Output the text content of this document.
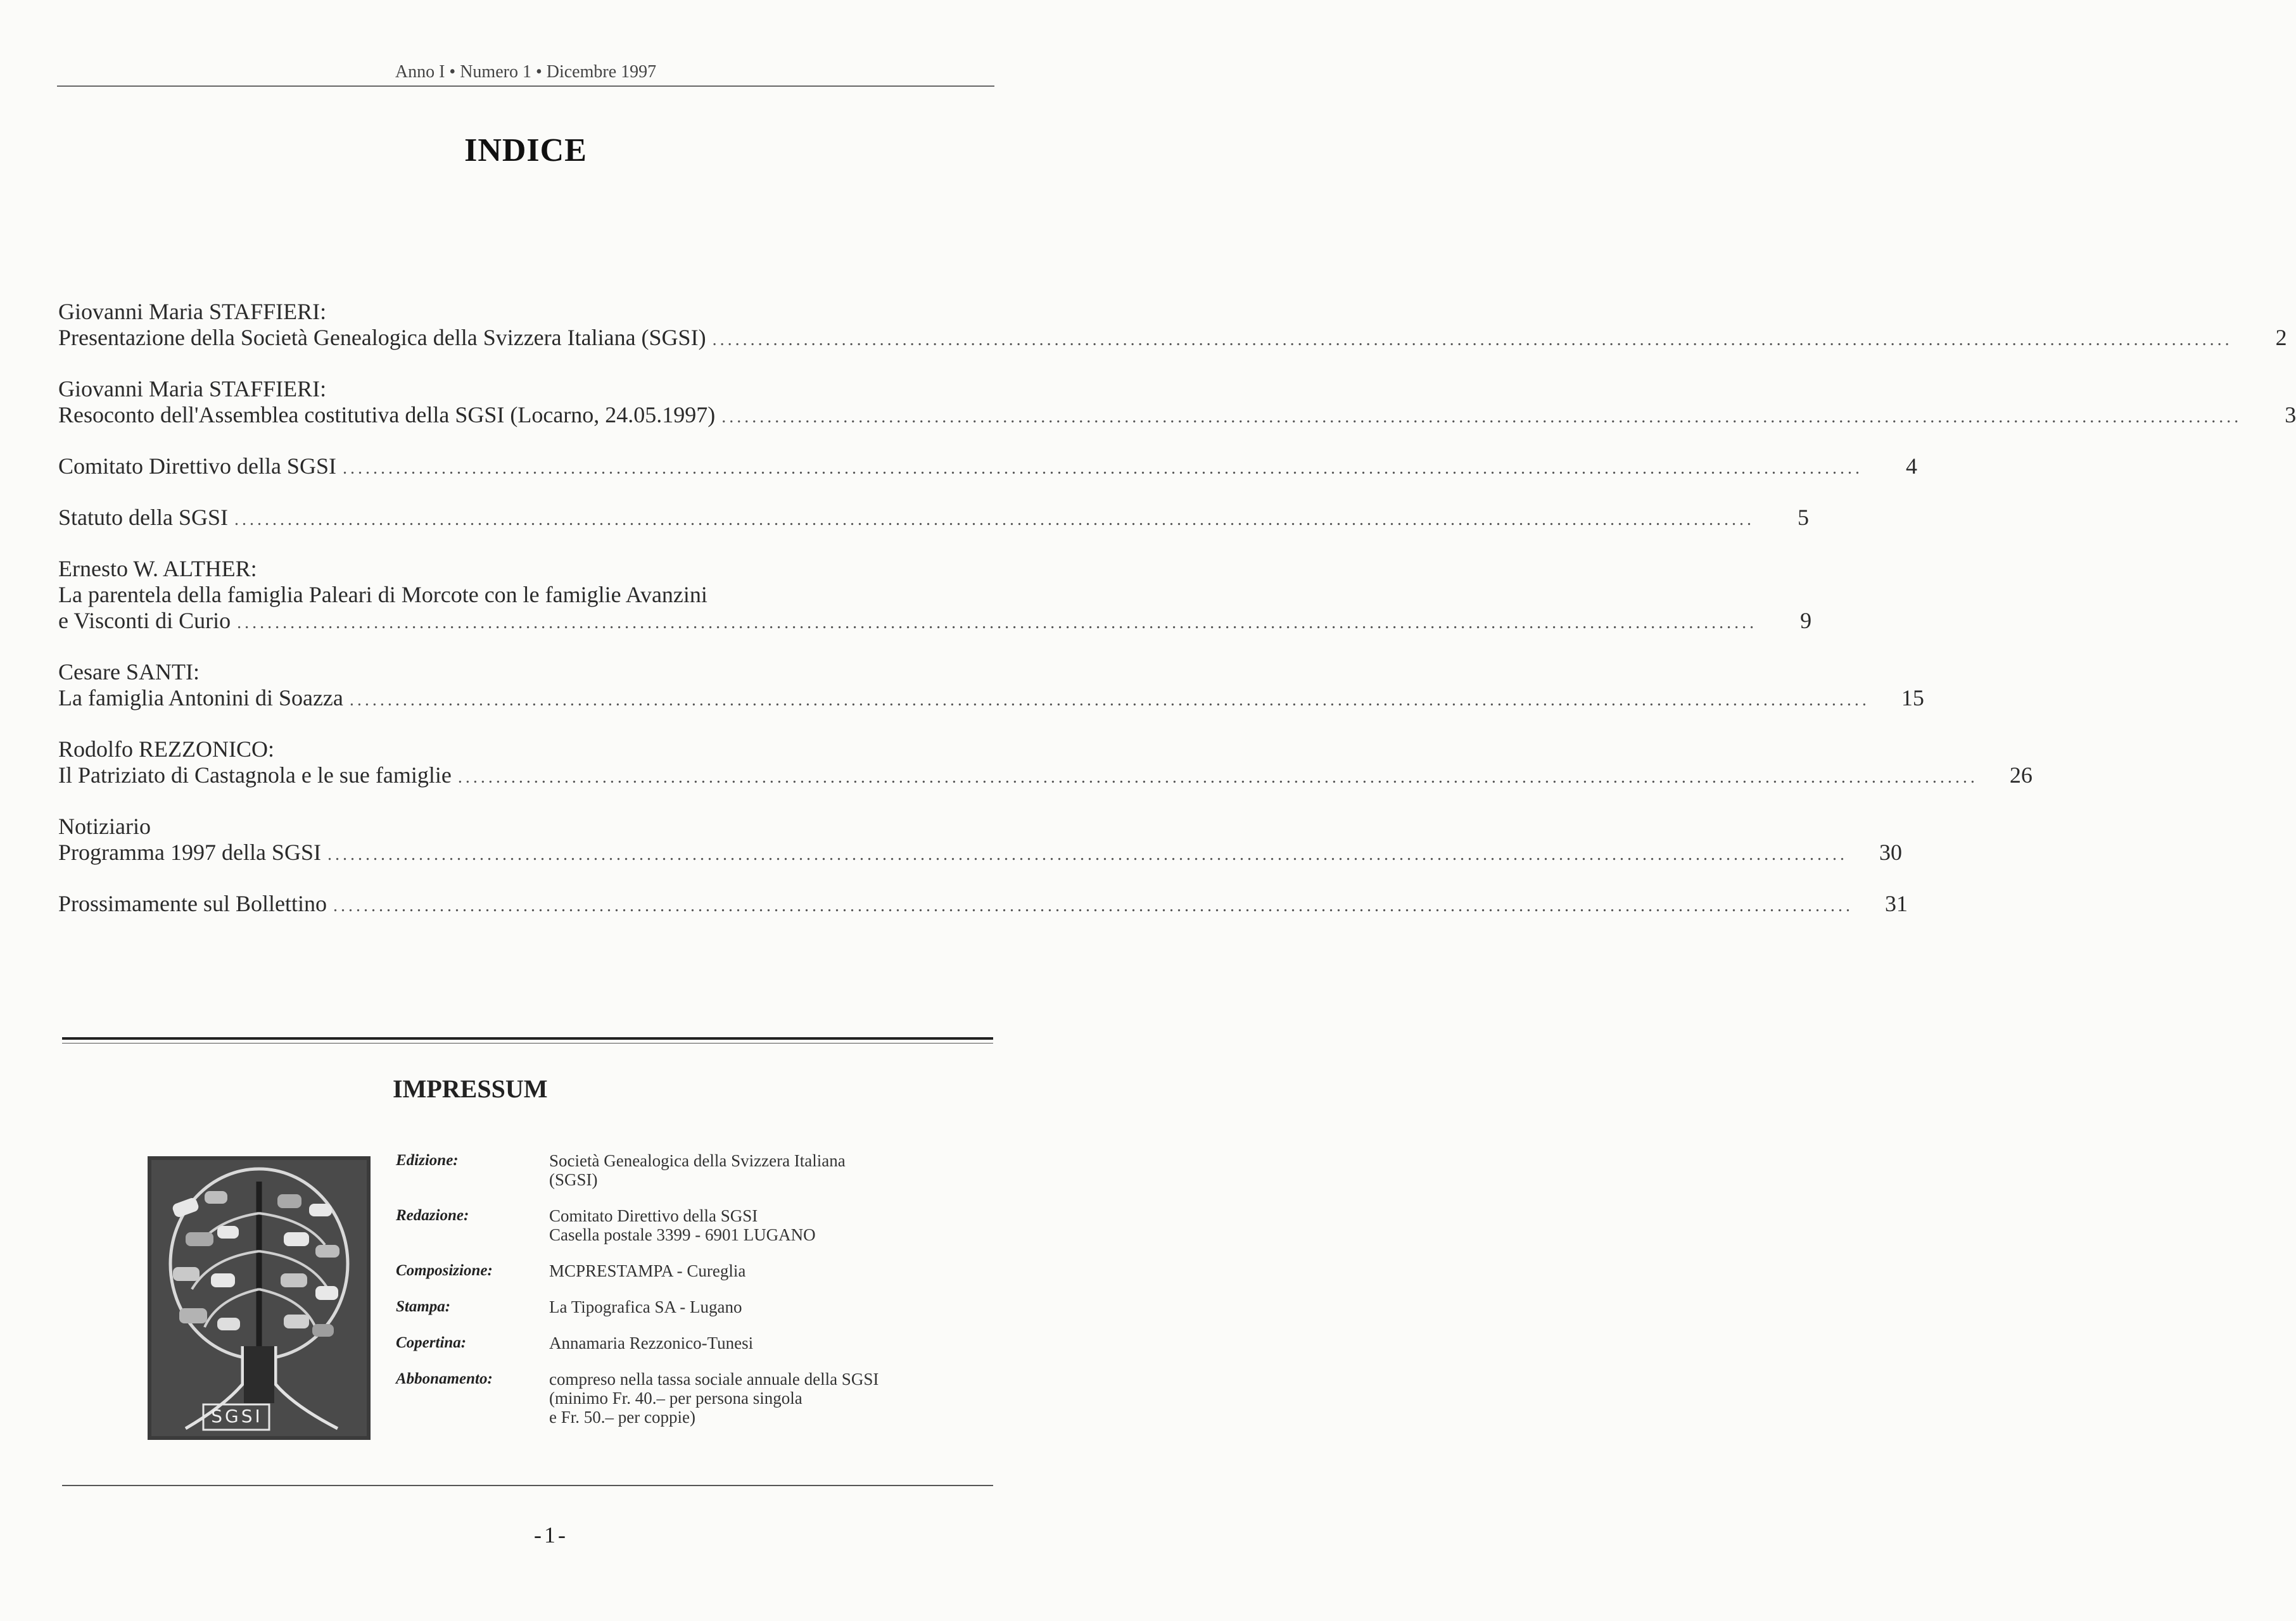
Anno I • Numero 1 • Dicembre 1997
INDICE
Giovanni Maria STAFFIERI:
Presentazione della Società Genealogica della Svizzera Italiana (SGSI) ........................................................................................................................................................................................................	2
Giovanni Maria STAFFIERI:
Resoconto dell'Assemblea costitutiva della SGSI (Locarno, 24.05.1997) ........................................................................................................................................................................................................	3
Comitato Direttivo della SGSI ........................................................................................................................................................................................................	4
Statuto della SGSI ........................................................................................................................................................................................................	5
Ernesto W. ALTHER:
La parentela della famiglia Paleari di Morcote con le famiglie Avanzini
e Visconti di Curio ........................................................................................................................................................................................................	9
Cesare SANTI:
La famiglia Antonini di Soazza ........................................................................................................................................................................................................	15
Rodolfo REZZONICO:
Il Patriziato di Castagnola e le sue famiglie ........................................................................................................................................................................................................	26
Notiziario
Programma 1997 della SGSI ........................................................................................................................................................................................................	30
Prossimamente sul Bollettino ........................................................................................................................................................................................................	31
IMPRESSUM
SGSI
Edizione:	Società Genealogica della Svizzera Italiana
(SGSI)
Redazione:	Comitato Direttivo della SGSI
Casella postale 3399 - 6901 LUGANO
Composizione:	MCPRESTAMPA - Cureglia
Stampa:	La Tipografica SA - Lugano
Copertina:	Annamaria Rezzonico-Tunesi
Abbonamento:	compreso nella tassa sociale annuale della SGSI
(minimo Fr. 40.– per persona singola
e Fr. 50.– per coppie)
-1-
